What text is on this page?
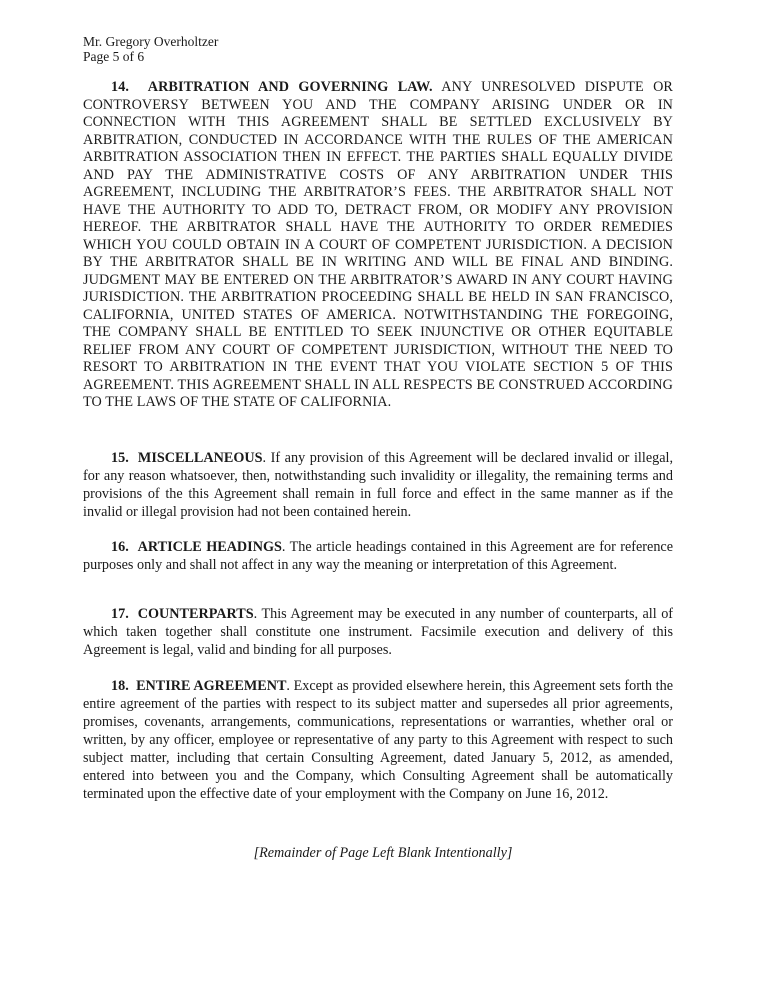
Mr. Gregory Overholtzer
Page 5 of 6
14. ARBITRATION AND GOVERNING LAW. ANY UNRESOLVED DISPUTE OR CONTROVERSY BETWEEN YOU AND THE COMPANY ARISING UNDER OR IN CONNECTION WITH THIS AGREEMENT SHALL BE SETTLED EXCLUSIVELY BY ARBITRATION, CONDUCTED IN ACCORDANCE WITH THE RULES OF THE AMERICAN ARBITRATION ASSOCIATION THEN IN EFFECT. THE PARTIES SHALL EQUALLY DIVIDE AND PAY THE ADMINISTRATIVE COSTS OF ANY ARBITRATION UNDER THIS AGREEMENT, INCLUDING THE ARBITRATOR’S FEES. THE ARBITRATOR SHALL NOT HAVE THE AUTHORITY TO ADD TO, DETRACT FROM, OR MODIFY ANY PROVISION HEREOF. THE ARBITRATOR SHALL HAVE THE AUTHORITY TO ORDER REMEDIES WHICH YOU COULD OBTAIN IN A COURT OF COMPETENT JURISDICTION. A DECISION BY THE ARBITRATOR SHALL BE IN WRITING AND WILL BE FINAL AND BINDING. JUDGMENT MAY BE ENTERED ON THE ARBITRATOR’S AWARD IN ANY COURT HAVING JURISDICTION. THE ARBITRATION PROCEEDING SHALL BE HELD IN SAN FRANCISCO, CALIFORNIA, UNITED STATES OF AMERICA. NOTWITHSTANDING THE FOREGOING, THE COMPANY SHALL BE ENTITLED TO SEEK INJUNCTIVE OR OTHER EQUITABLE RELIEF FROM ANY COURT OF COMPETENT JURISDICTION, WITHOUT THE NEED TO RESORT TO ARBITRATION IN THE EVENT THAT YOU VIOLATE SECTION 5 OF THIS AGREEMENT. THIS AGREEMENT SHALL IN ALL RESPECTS BE CONSTRUED ACCORDING TO THE LAWS OF THE STATE OF CALIFORNIA.
15. MISCELLANEOUS. If any provision of this Agreement will be declared invalid or illegal, for any reason whatsoever, then, notwithstanding such invalidity or illegality, the remaining terms and provisions of the this Agreement shall remain in full force and effect in the same manner as if the invalid or illegal provision had not been contained herein.
16. ARTICLE HEADINGS. The article headings contained in this Agreement are for reference purposes only and shall not affect in any way the meaning or interpretation of this Agreement.
17. COUNTERPARTS. This Agreement may be executed in any number of counterparts, all of which taken together shall constitute one instrument. Facsimile execution and delivery of this Agreement is legal, valid and binding for all purposes.
18. ENTIRE AGREEMENT. Except as provided elsewhere herein, this Agreement sets forth the entire agreement of the parties with respect to its subject matter and supersedes all prior agreements, promises, covenants, arrangements, communications, representations or warranties, whether oral or written, by any officer, employee or representative of any party to this Agreement with respect to such subject matter, including that certain Consulting Agreement, dated January 5, 2012, as amended, entered into between you and the Company, which Consulting Agreement shall be automatically terminated upon the effective date of your employment with the Company on June 16, 2012.
[Remainder of Page Left Blank Intentionally]
